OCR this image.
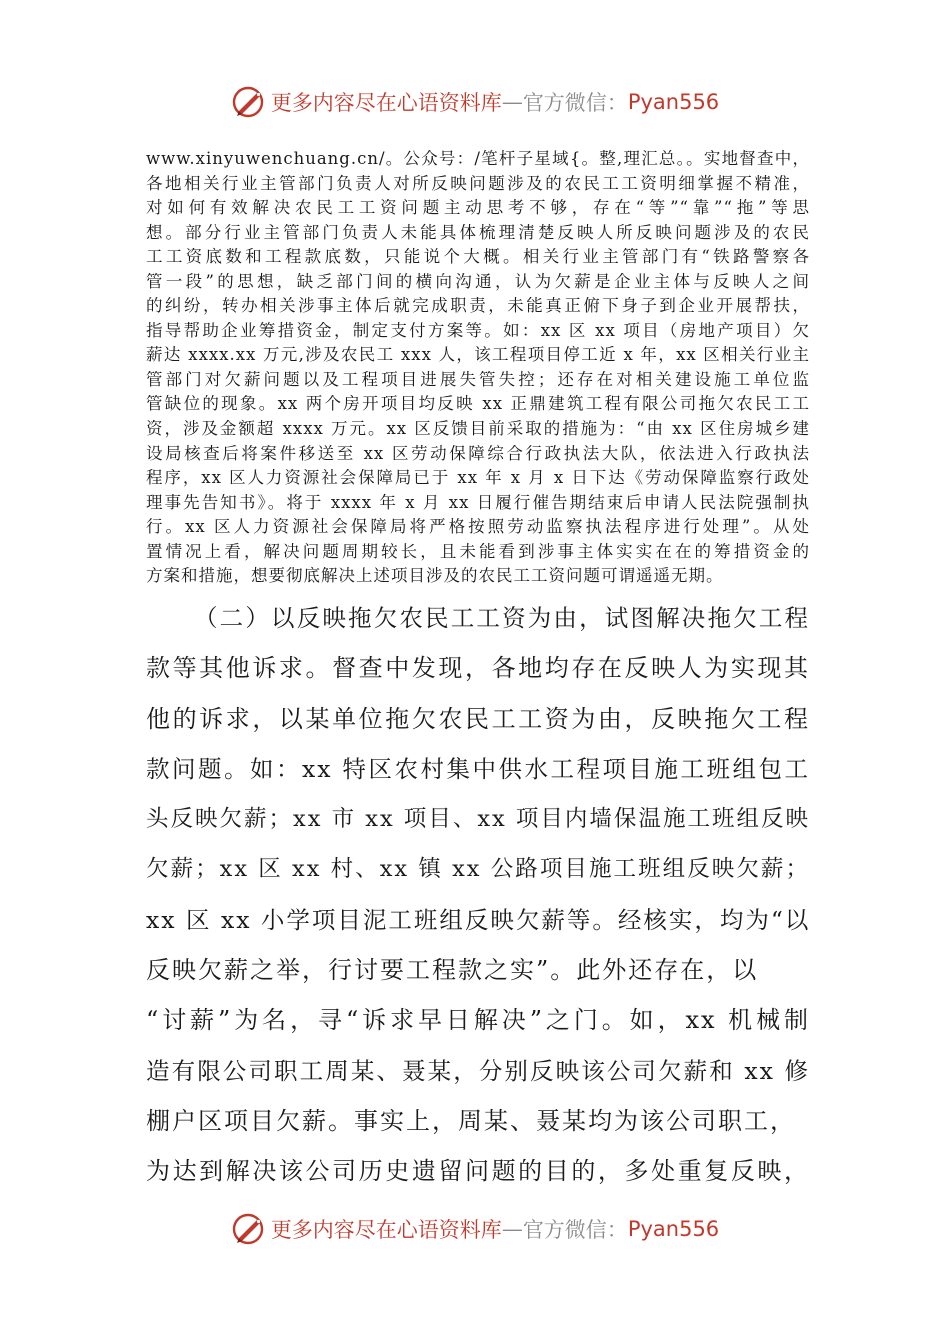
更多内容尽在心语资料库 — 官方微信： Pyan556
www.xinyuwenchuang.cn/。公众号：/笔杆子星域{。整,理汇总。。实地督查中，
各地相关行业主管部门负责人对所反映问题涉及的农民工工资明细掌握不精准，
对如何有效解决农民工工资问题主动思考不够，存在“等”“靠”“拖”等思
想。部分行业主管部门负责人未能具体梳理清楚反映人所反映问题涉及的农民
工工资底数和工程款底数，只能说个大概。相关行业主管部门有“铁路警察各
管一段”的思想，缺乏部门间的横向沟通，认为欠薪是企业主体与反映人之间
的纠纷，转办相关涉事主体后就完成职责，未能真正俯下身子到企业开展帮扶，
指导帮助企业筹措资金，制定支付方案等。如：xx 区 xx 项目（房地产项目）欠
薪达 xxxx.xx 万元,涉及农民工 xxx 人，该工程项目停工近 x 年，xx 区相关行业主
管部门对欠薪问题以及工程项目进展失管失控；还存在对相关建设施工单位监
管缺位的现象。xx 两个房开项目均反映 xx 正鼎建筑工程有限公司拖欠农民工工
资，涉及金额超 xxxx 万元。xx 区反馈目前采取的措施为：“由 xx 区住房城乡建
设局核查后将案件移送至 xx 区劳动保障综合行政执法大队，依法进入行政执法
程序，xx 区人力资源社会保障局已于 xx 年 x 月 x 日下达《劳动保障监察行政处
理事先告知书》。将于 xxxx 年 x 月 xx 日履行催告期结束后申请人民法院强制执
行。xx 区人力资源社会保障局将严格按照劳动监察执法程序进行处理”。从处
置情况上看，解决问题周期较长，且未能看到涉事主体实实在在的筹措资金的
方案和措施，想要彻底解决上述项目涉及的农民工工资问题可谓遥遥无期。
（二）以反映拖欠农民工工资为由，试图解决拖欠工程
款等其他诉求。督查中发现，各地均存在反映人为实现其
他的诉求，以某单位拖欠农民工工资为由，反映拖欠工程
款问题。如：xx 特区农村集中供水工程项目施工班组包工
头反映欠薪；xx 市 xx 项目、xx 项目内墙保温施工班组反映
欠薪；xx 区 xx 村、xx 镇 xx 公路项目施工班组反映欠薪；
xx 区 xx 小学项目泥工班组反映欠薪等。经核实，均为“以
反映欠薪之举，行讨要工程款之实”。此外还存在，以
“讨薪”为名，寻“诉求早日解决”之门。如，xx 机械制
造有限公司职工周某、聂某，分别反映该公司欠薪和 xx 修
棚户区项目欠薪。事实上，周某、聂某均为该公司职工，
为达到解决该公司历史遗留问题的目的，多处重复反映，
更多内容尽在心语资料库 — 官方微信： Pyan556
